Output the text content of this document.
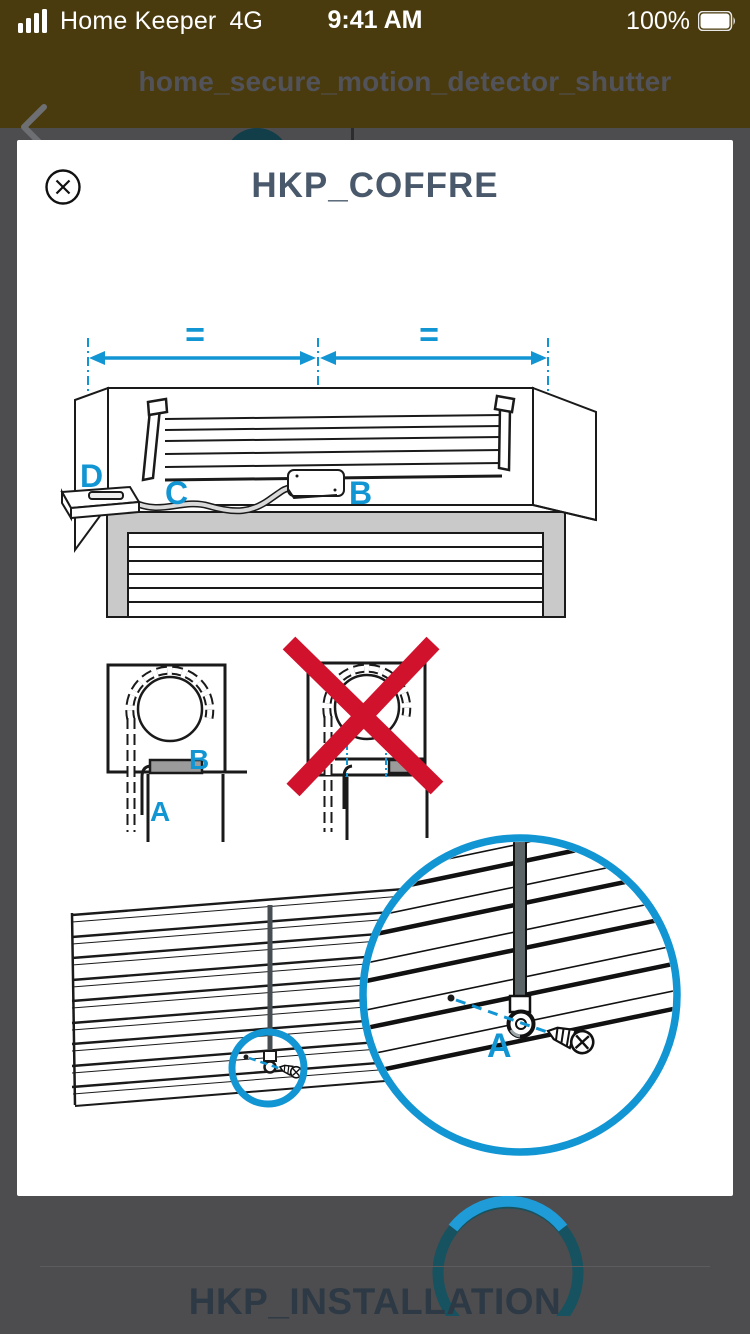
Home Keeper 4G	9:41 AM	100%
home_secure_motion_detector_shutter
HKP_INSTALLATION
HKP_COFFRE
=	=
D C	B
B
A
A
